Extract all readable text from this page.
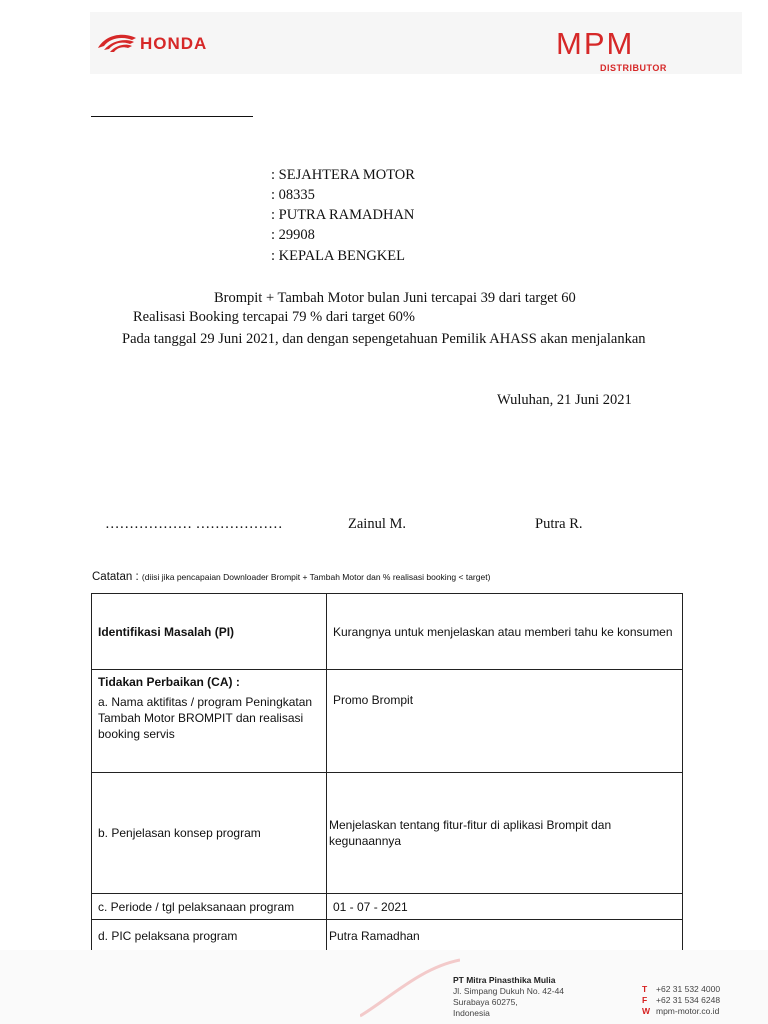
HONDA	MPM
DISTRIBUTOR
: SEJAHTERA MOTOR
: 08335
: PUTRA RAMADHAN
: 29908
: KEPALA BENGKEL
Brompit + Tambah Motor bulan Juni tercapai 39 dari target 60
Realisasi Booking tercapai 79 % dari target 60%
Pada tanggal 29 Juni 2021, dan dengan sepengetahuan Pemilik AHASS akan menjalankan
Wuluhan, 21 Juni 2021
……………… ………………	Zainul M.	Putra R.
Catatan : (diisi jika pencapaian Downloader Brompit + Tambah Motor dan % realisasi booking < target)
Identifikasi Masalah (PI)	Kurangnya untuk menjelaskan atau memberi tahu ke konsumen

Tidakan Perbaikan (CA) :
a. Nama aktifitas / program Peningkatan Tambah Motor BROMPIT dan realisasi booking servis	Promo Brompit
b. Penjelasan konsep program	Menjelaskan tentang fitur-fitur di aplikasi Brompit dan kegunaannya
c. Periode / tgl pelaksanaan program	01 - 07 - 2021
d. PIC pelaksana program	Putra Ramadhan
PT Mitra Pinasthika Mulia
Jl. Simpang Dukuh No. 42-44
Surabaya 60275,
Indonesia
T +62 31 532 4000
F +62 31 534 6248
W mpm-motor.co.id
